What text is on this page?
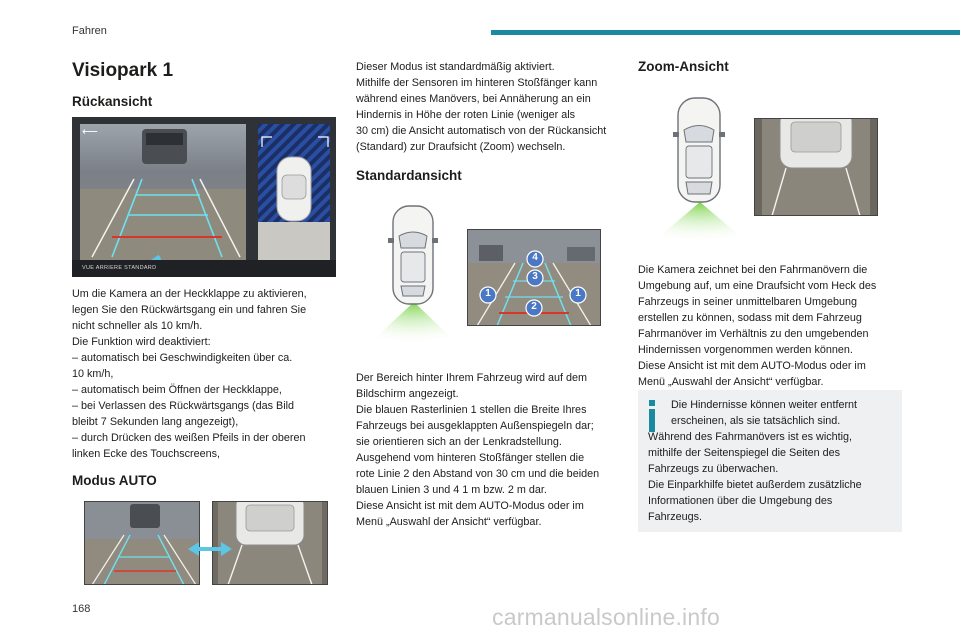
Fahren
Visiopark 1
Rückansicht
⟵
VUE ARRIERE STANDARD

Um die Kamera an der Heckklappe zu aktivieren,

legen Sie den Rückwärtsgang ein und fahren Sie

nicht schneller als 10 km/h.

Die Funktion wird deaktiviert:

– automatisch bei Geschwindigkeiten über ca.

10 km/h,

– automatisch beim Öffnen der Heckklappe,

– bei Verlassen des Rückwärtsgangs (das Bild

bleibt 7 Sekunden lang angezeigt),

– durch Drücken des weißen Pfeils in der oberen

linken Ecke des Touchscreens,

Modus AUTO

Dieser Modus ist standardmäßig aktiviert.

Mithilfe der Sensoren im hinteren Stoßfänger kann

während eines Manövers, bei Annäherung an ein

Hindernis in Höhe der roten Linie (weniger als

30 cm) die Ansicht automatisch von der Rückansicht

(Standard) zur Draufsicht (Zoom) wechseln.

Standardansicht
4
3
1	1
2

Der Bereich hinter Ihrem Fahrzeug wird auf dem

Bildschirm angezeigt.

Die blauen Rasterlinien 1 stellen die Breite Ihres

Fahrzeugs bei ausgeklappten Außenspiegeln dar;

sie orientieren sich an der Lenkradstellung.

Ausgehend vom hinteren Stoßfänger stellen die

rote Linie 2 den Abstand von 30 cm und die beiden

blauen Linien 3 und 4 1 m bzw. 2 m dar.

Diese Ansicht ist mit dem AUTO-Modus oder im

Menü „Auswahl der Ansicht“ verfügbar.

Zoom-Ansicht

Die Kamera zeichnet bei den Fahrmanövern die

Umgebung auf, um eine Draufsicht vom Heck des

Fahrzeugs in seiner unmittelbaren Umgebung

erstellen zu können, sodass mit dem Fahrzeug

Fahrmanöver im Verhältnis zu den umgebenden

Hindernissen vorgenommen werden können.

Diese Ansicht ist mit dem AUTO-Modus oder im

Menü „Auswahl der Ansicht“ verfügbar.

Die Hindernisse können weiter entfernt

erscheinen, als sie tatsächlich sind.

Während des Fahrmanövers ist es wichtig,

mithilfe der Seitenspiegel die Seiten des

Fahrzeugs zu überwachen.

Die Einparkhilfe bietet außerdem zusätzliche

Informationen über die Umgebung des

Fahrzeugs.

168	carmanualsonline.info
